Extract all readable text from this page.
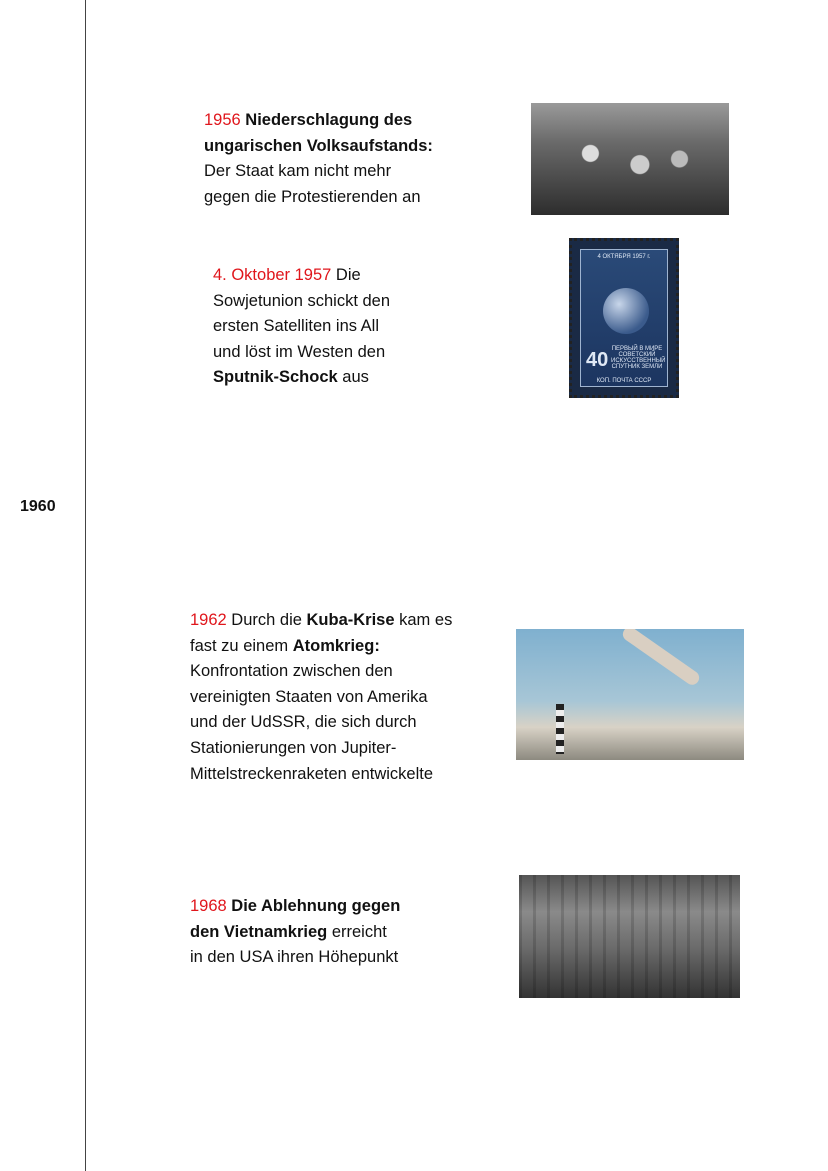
1960
1956 Niederschlagung des
ungarischen Volksaufstands:
Der Staat kam nicht mehr
gegen die Protestierenden an
4. Oktober 1957 Die
Sowjetunion schickt den
ersten Satelliten ins All
und löst im Westen den
Sputnik-Schock aus
4 ОКТЯБРЯ 1957 г.
ПЕРВЫЙ В МИРЕ СОВЕТСКИЙ ИСКУССТВЕННЫЙ СПУТНИК ЗЕМЛИ
40
КОП. ПОЧТА СССР
1962 Durch die Kuba-Krise kam es
fast zu einem Atomkrieg:
Konfrontation zwischen den
vereinigten Staaten von Amerika
und der UdSSR, die sich durch
Stationierungen von Jupiter-
Mittelstreckenraketen entwickelte
1968 Die Ablehnung gegen
den Vietnamkrieg erreicht
in den USA ihren Höhepunkt
